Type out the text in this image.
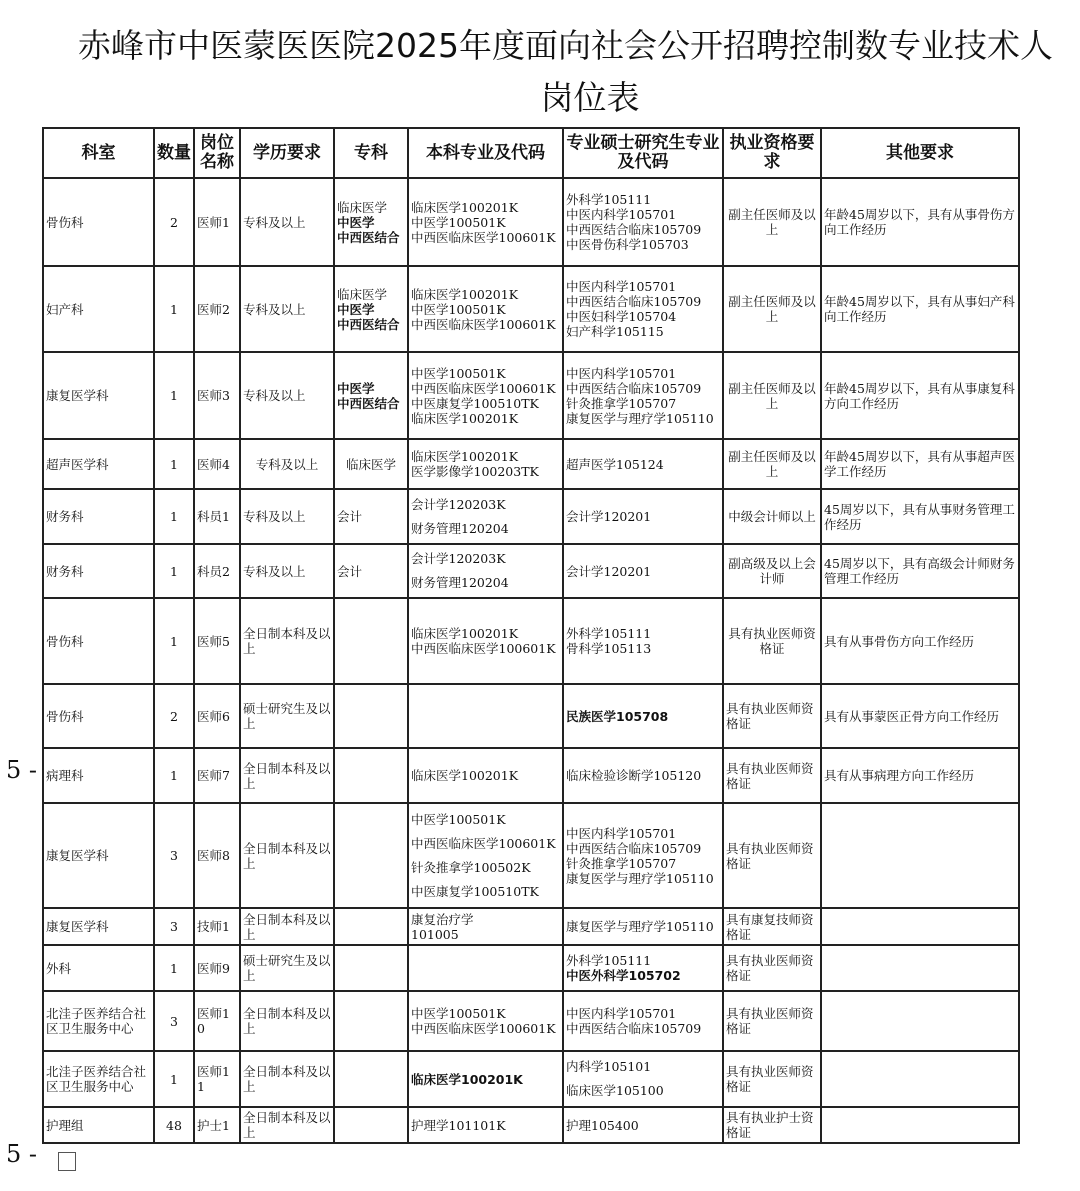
赤峰市中医蒙医医院2025年度面向社会公开招聘控制数专业技术人
岗位表
5 -
5 -
科室	数量	岗位名称	学历要求	专科	本科专业及代码	专业硕士研究生专业及代码	执业资格要求	其他要求
骨伤科	2	医师1	专科及以上	临床医学
中医学
中西医结合	临床医学100201K
中医学100501K
中西医临床医学100601K	外科学105111
中医内科学105701
中西医结合临床105709
中医骨伤科学105703	副主任医师及以上	年龄45周岁以下，具有从事骨伤方向工作经历
妇产科	1	医师2	专科及以上	临床医学
中医学
中西医结合	临床医学100201K
中医学100501K
中西医临床医学100601K	中医内科学105701
中西医结合临床105709
中医妇科学105704
妇产科学105115	副主任医师及以上	年龄45周岁以下，具有从事妇产科向工作经历
康复医学科	1	医师3	专科及以上	中医学
中西医结合	中医学100501K
中西医临床医学100601K
中医康复学100510TK
临床医学100201K	中医内科学105701
中西医结合临床105709
针灸推拿学105707
康复医学与理疗学105110	副主任医师及以上	年龄45周岁以下，具有从事康复科方向工作经历
超声医学科	1	医师4	专科及以上	临床医学	临床医学100201K
医学影像学100203TK	超声医学105124	副主任医师及以上	年龄45周岁以下，具有从事超声医学工作经历
财务科	1	科员1	专科及以上	会计	会计学120203K
财务管理120204	会计学120201	中级会计师以上	45周岁以下，具有从事财务管理工作经历
财务科	1	科员2	专科及以上	会计	会计学120203K
财务管理120204	会计学120201	副高级及以上会计师	45周岁以下，具有高级会计师财务管理工作经历
骨伤科	1	医师5	全日制本科及以上		临床医学100201K
中西医临床医学100601K	外科学105111
骨科学105113	具有执业医师资格证	具有从事骨伤方向工作经历
骨伤科	2	医师6	硕士研究生及以上			民族医学105708	具有执业医师资格证	具有从事蒙医正骨方向工作经历
病理科	1	医师7	全日制本科及以上		临床医学100201K	临床检验诊断学105120	具有执业医师资格证	具有从事病理方向工作经历
康复医学科	3	医师8	全日制本科及以上		中医学100501K
中西医临床医学100601K
针灸推拿学100502K
中医康复学100510TK	中医内科学105701
中西医结合临床105709
针灸推拿学105707
康复医学与理疗学105110	具有执业医师资格证	
康复医学科	3	技师1	全日制本科及以上		康复治疗学
101005	康复医学与理疗学105110	具有康复技师资格证	
外科	1	医师9	硕士研究生及以上			外科学105111
中医外科学105702	具有执业医师资格证	
北洼子医养结合社区卫生服务中心	3	医师10	全日制本科及以上		中医学100501K
中西医临床医学100601K	中医内科学105701
中西医结合临床105709	具有执业医师资格证	
北洼子医养结合社区卫生服务中心	1	医师11	全日制本科及以上		临床医学100201K	内科学105101
临床医学105100	具有执业医师资格证	
护理组	48	护士1	全日制本科及以上		护理学101101K	护理105400	具有执业护士资格证	
